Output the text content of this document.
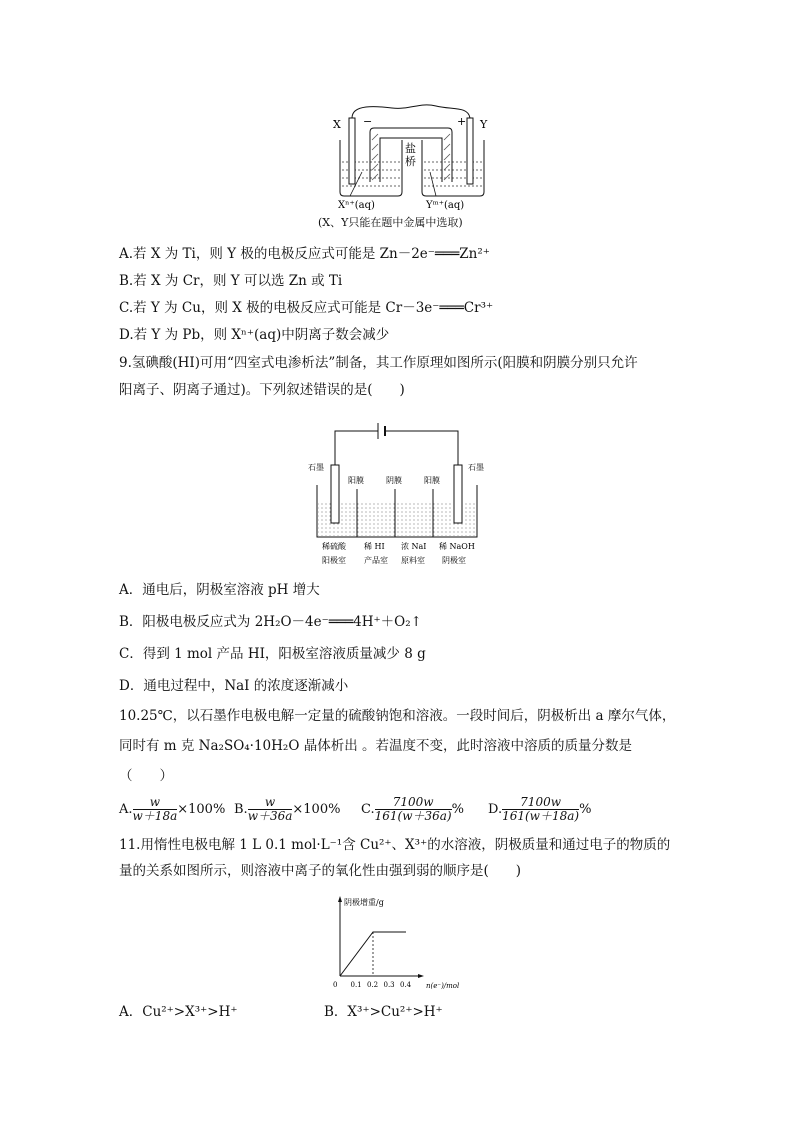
X	Y
−	+
盐
桥
Xⁿ⁺(aq)	Yᵐ⁺(aq)
(X、Y只能在题中金属中选取)
A.若 X 为 Ti，则 Y 极的电极反应式可能是 Zn－2e⁻═══Zn²⁺
B.若 X 为 Cr，则 Y 可以选 Zn 或 Ti
C.若 Y 为 Cu，则 X 极的电极反应式可能是 Cr－3e⁻═══Cr³⁺
D.若 Y 为 Pb，则 Xⁿ⁺(aq)中阴离子数会减少
9.氢碘酸(HI)可用“四室式电渗析法”制备，其工作原理如图所示(阳膜和阴膜分别只允许
阳离子、阴离子通过)。下列叙述错误的是(　　)
石墨	石墨
阳膜	阴膜	阳膜
稀硫酸 稀 HI 浓 NaI 稀 NaOH
阳极室 产品室 原料室 阴极室
A．通电后，阴极室溶液 pH 增大
B．阳极电极反应式为 2H₂O－4e⁻═══4H⁺＋O₂↑
C．得到 1 mol 产品 HI，阳极室溶液质量减少 8 g
D．通电过程中，NaI 的浓度逐渐减小
10.25℃，以石墨作电极电解一定量的硫酸钠饱和溶液。一段时间后，阴极析出 a 摩尔气体，
同时有 m 克 Na₂SO₄·10H₂O 晶体析出 。若温度不变，此时溶液中溶质的质量分数是
（　　）
A. $\frac{w}{w+18a} \times 100\%$ B. $\frac{w}{w+36a} \times 100\%$ C. $\frac{7100w}{161(w+36a)}$ % D. $\frac{7100w}{161(w+18a)}$ %
11.用惰性电极电解 1 L 0.1 mol·L⁻¹含 Cu²⁺、X³⁺的水溶液，阴极质量和通过电子的物质的
量的关系如图所示，则溶液中离子的氧化性由强到弱的顺序是(　　)
阴极增重/g
n(e⁻)/mol
0 0.1 0.2 0.3 0.4
A．Cu²⁺>X³⁺>H⁺	B．X³⁺>Cu²⁺>H⁺
